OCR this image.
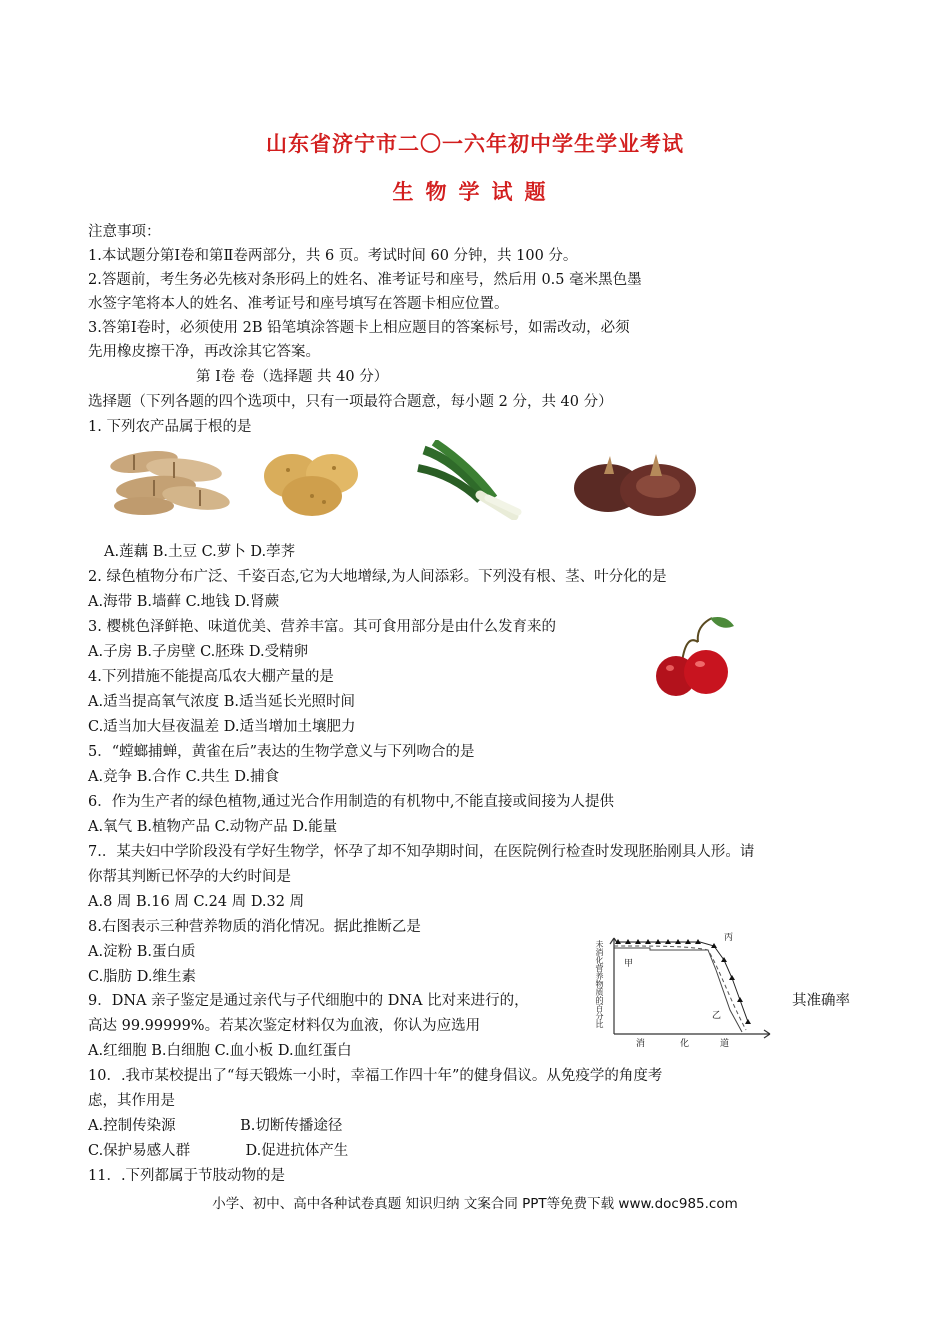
山东省济宁市二〇一六年初中学生学业考试
生物学试题
注意事项：
1.本试题分第Ⅰ卷和第Ⅱ卷两部分，共 6 页。考试时间 60 分钟，共 100 分。
2.答题前，考生务必先核对条形码上的姓名、准考证号和座号，然后用 0.5 毫米黑色墨
水签字笔将本人的姓名、准考证号和座号填写在答题卡相应位置。
3.答第Ⅰ卷时，必须使用 2B 铅笔填涂答题卡上相应题目的答案标号，如需改动，必须
先用橡皮擦干净，再改涂其它答案。
第 Ⅰ卷 卷（选择题 共 40 分）
选择题（下列各题的四个选项中，只有一项最符合题意，每小题 2 分，共 40 分）
1. 下列农产品属于根的是
A.莲藕 B.土豆 C.萝卜 D.荸荠
2. 绿色植物分布广泛、千姿百态,它为大地增绿,为人间添彩。下列没有根、茎、叶分化的是
A.海带 B.墙藓 C.地钱 D.肾蕨
3. 樱桃色泽鲜艳、味道优美、营养丰富。其可食用部分是由什么发育来的
A.子房 B.子房壁 C.胚珠 D.受精卵
4.下列措施不能提高瓜农大棚产量的是
A.适当提高氧气浓度 B.适当延长光照时间
C.适当加大昼夜温差 D.适当增加土壤肥力
5．“螳螂捕蝉，黄雀在后”表达的生物学意义与下列吻合的是
A.竞争 B.合作 C.共生 D.捕食
6．作为生产者的绿色植物,通过光合作用制造的有机物中,不能直接或间接为人提供
A.氧气 B.植物产品 C.动物产品 D.能量
7.．某夫妇中学阶段没有学好生物学，怀孕了却不知孕期时间，在医院例行检查时发现胚胎刚具人形。请
你帮其判断已怀孕的大约时间是
A.8 周 B.16 周 C.24 周 D.32 周
8.右图表示三种营养物质的消化情况。据此推断乙是
A.淀粉 B.蛋白质
C.脂肪 D.维生素	未消化营养物质的百分比 甲
乙
丙
消	化	道
9．DNA 亲子鉴定是通过亲代与子代细胞中的 DNA 比对来进行的，	其准确率
高达 99.99999%。若某次鉴定材料仅为血液，你认为应选用
A.红细胞 B.白细胞 C.血小板 D.血红蛋白
10．.我市某校提出了“每天锻炼一小时，幸福工作四十年”的健身倡议。从免疫学的角度考
虑，其作用是
A.控制传染源              B.切断传播途径
C.保护易感人群            D.促进抗体产生
11．.下列都属于节肢动物的是
小学、初中、高中各种试卷真题 知识归纳 文案合同 PPT等免费下载 www.doc985.com
